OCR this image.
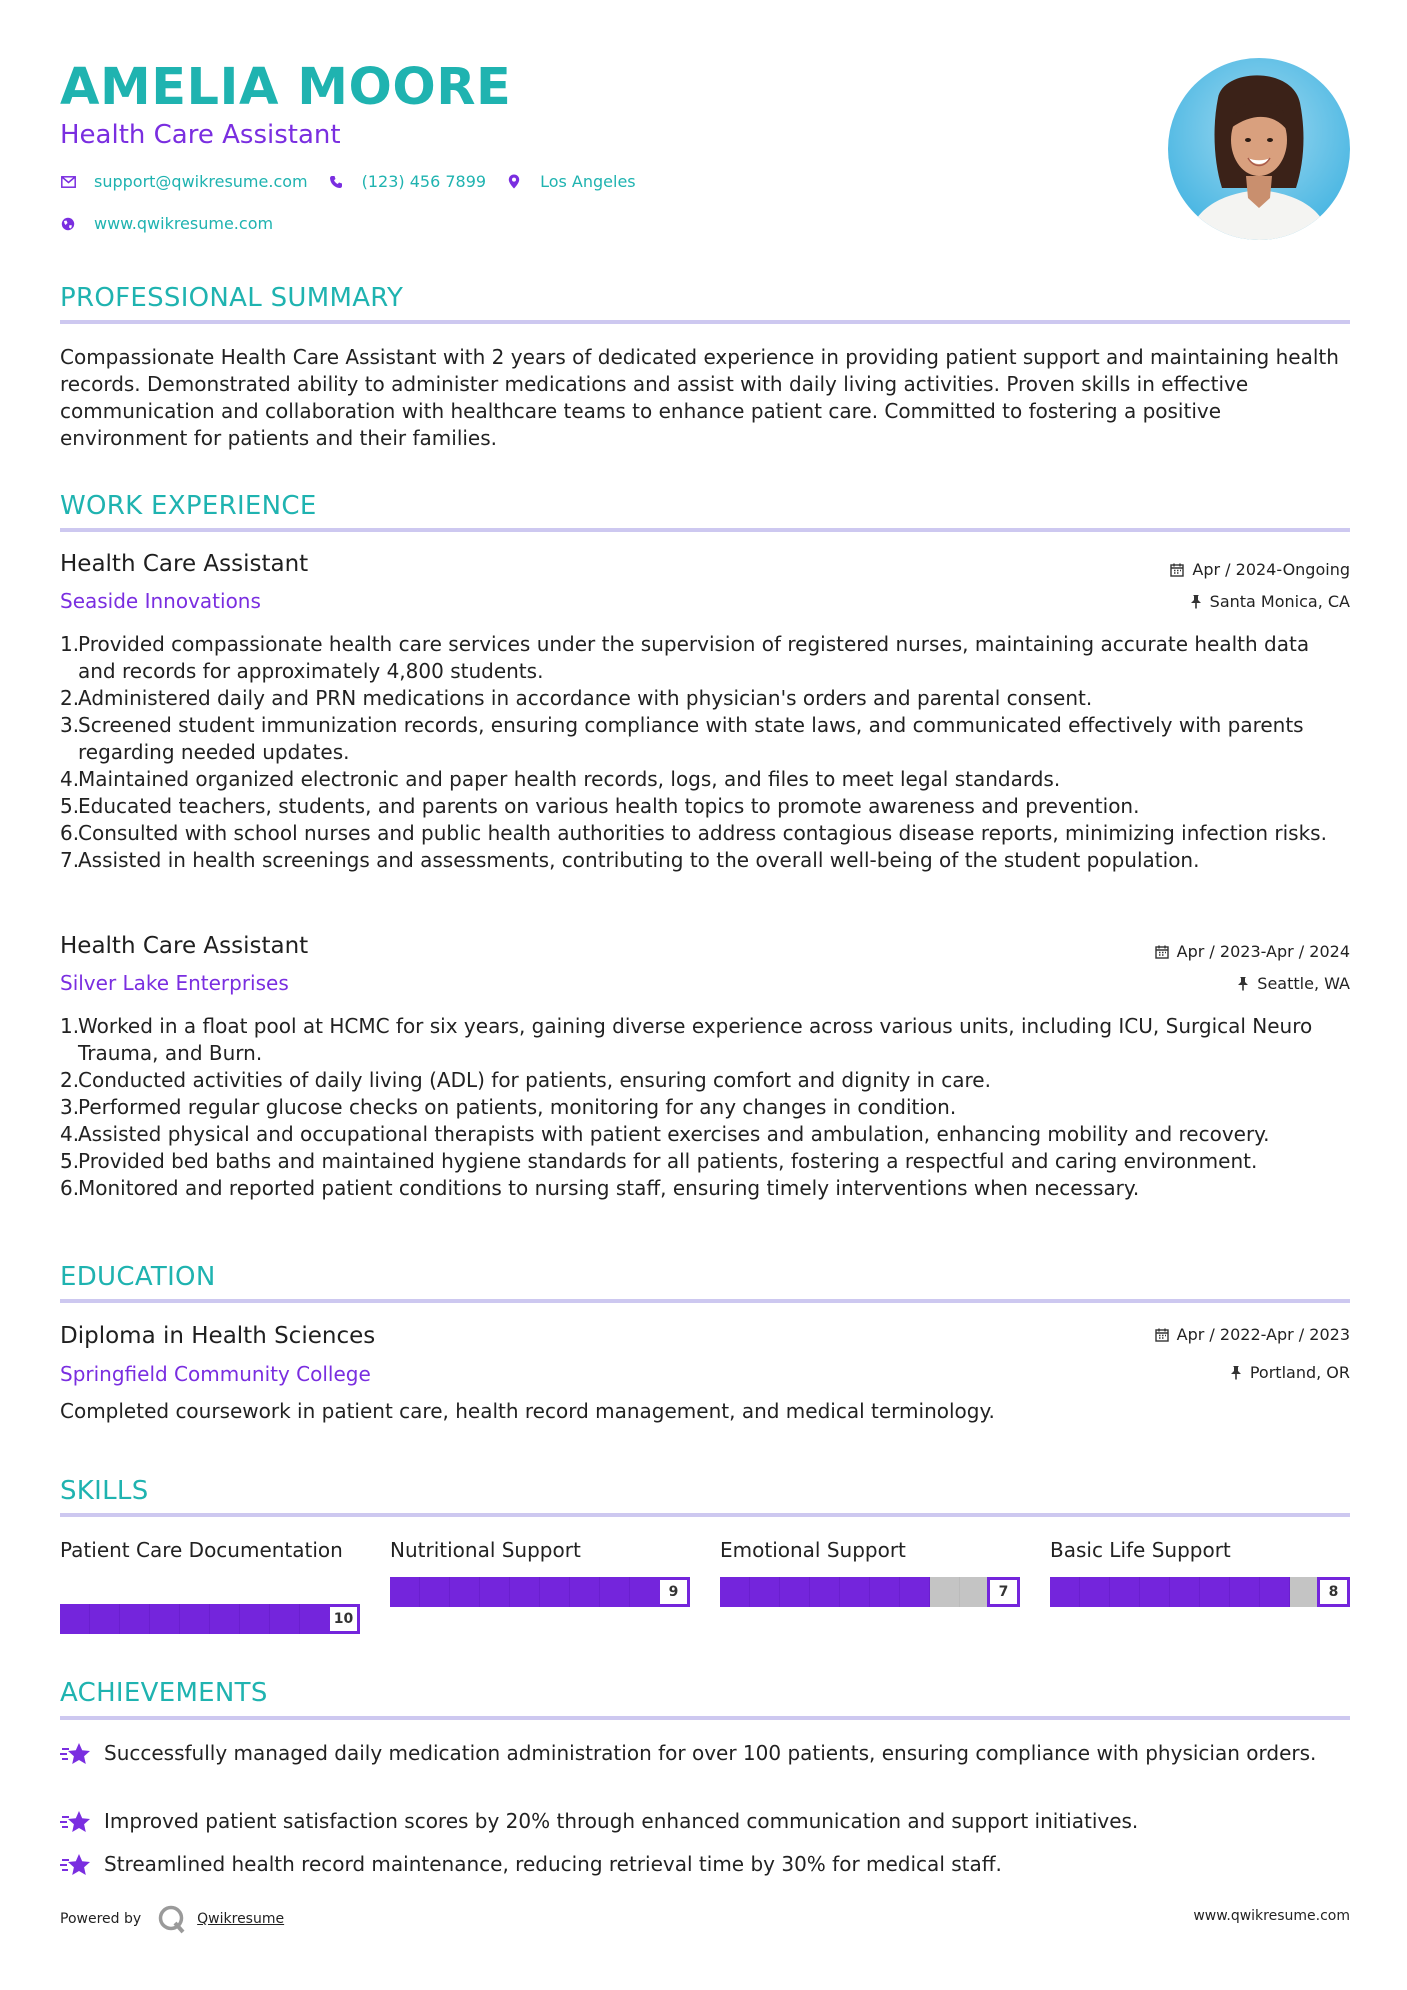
AMELIA MOORE
Health Care Assistant
support@qwikresume.com	(123) 456 7899	Los Angeles
www.qwikresume.com
PROFESSIONAL SUMMARY
Compassionate Health Care Assistant with 2 years of dedicated experience in providing patient support and maintaining health records. Demonstrated ability to administer medications and assist with daily living activities. Proven skills in effective communication and collaboration with healthcare teams to enhance patient care. Committed to fostering a positive environment for patients and their families.
WORK EXPERIENCE
Health Care Assistant	Apr / 2024-Ongoing
Seaside Innovations	Santa Monica, CA
1.
Provided compassionate health care services under the supervision of registered nurses, maintaining accurate health data and records for approximately 4,800 students.
2.
Administered daily and PRN medications in accordance with physician's orders and parental consent.
3.
Screened student immunization records, ensuring compliance with state laws, and communicated effectively with parents regarding needed updates.
4.
Maintained organized electronic and paper health records, logs, and files to meet legal standards.
5.
Educated teachers, students, and parents on various health topics to promote awareness and prevention.
6.
Consulted with school nurses and public health authorities to address contagious disease reports, minimizing infection risks.
7.
Assisted in health screenings and assessments, contributing to the overall well-being of the student population.
Health Care Assistant	Apr / 2023-Apr / 2024
Silver Lake Enterprises	Seattle, WA
1.
Worked in a float pool at HCMC for six years, gaining diverse experience across various units, including ICU, Surgical Neuro Trauma, and Burn.
2.
Conducted activities of daily living (ADL) for patients, ensuring comfort and dignity in care.
3.
Performed regular glucose checks on patients, monitoring for any changes in condition.
4.
Assisted physical and occupational therapists with patient exercises and ambulation, enhancing mobility and recovery.
5.
Provided bed baths and maintained hygiene standards for all patients, fostering a respectful and caring environment.
6.
Monitored and reported patient conditions to nursing staff, ensuring timely interventions when necessary.
EDUCATION
Diploma in Health Sciences	Apr / 2022-Apr / 2023
Springfield Community College	Portland, OR
Completed coursework in patient care, health record management, and medical terminology.
SKILLS
Patient Care Documentation
10
Nutritional Support
9
Emotional Support
7
Basic Life Support
8
ACHIEVEMENTS
Successfully managed daily medication administration for over 100 patients, ensuring compliance with physician orders.
Improved patient satisfaction scores by 20% through enhanced communication and support initiatives.
Streamlined health record maintenance, reducing retrieval time by 30% for medical staff.
Powered by	Qwikresume	www.qwikresume.com
